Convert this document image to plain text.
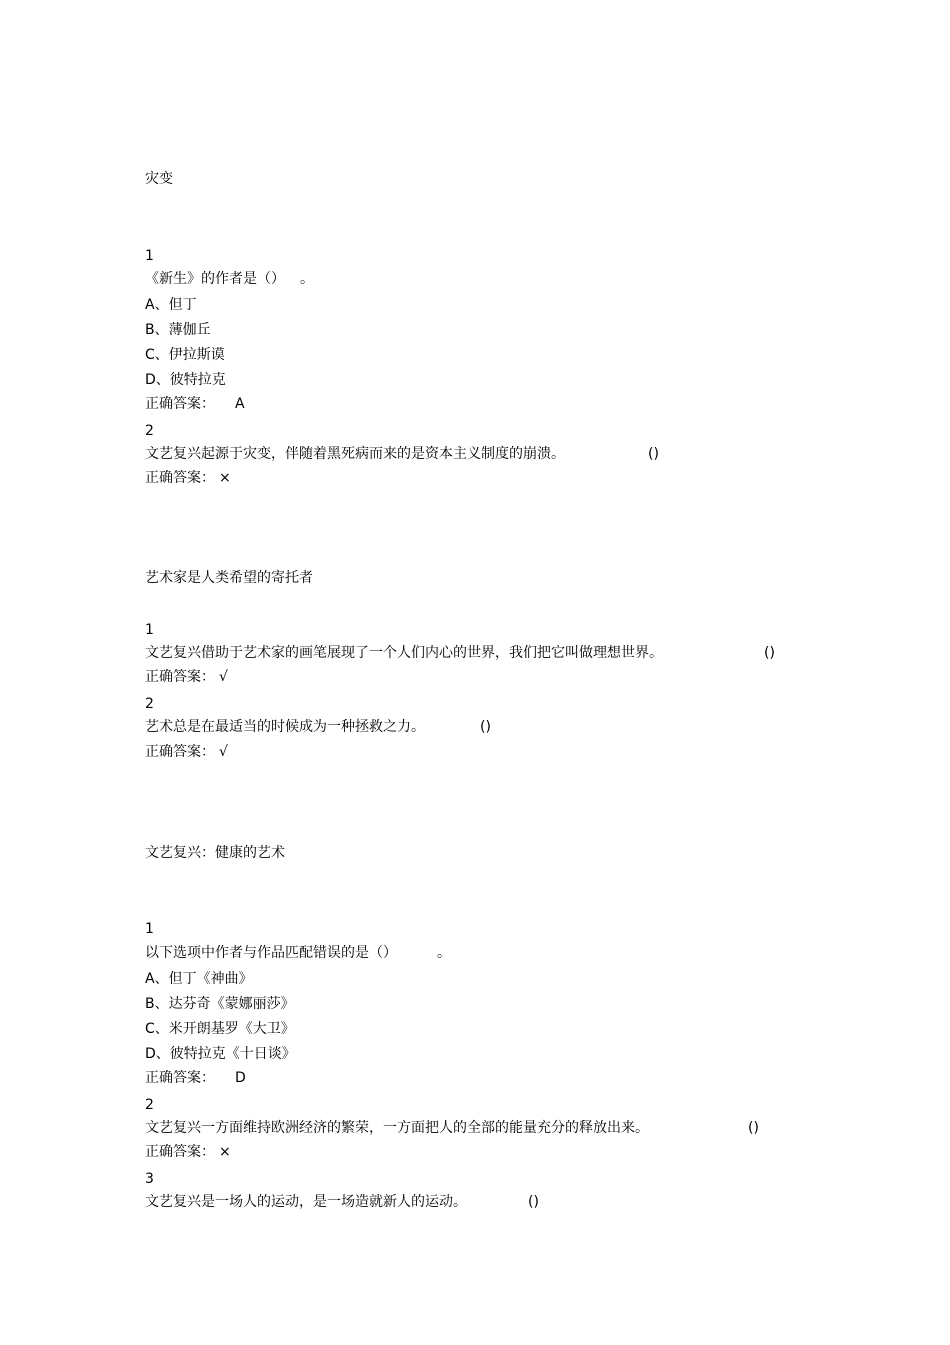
灾变
1
《新生》的作者是（） 。
A、但丁
B、薄伽丘
C、伊拉斯谟
D、彼特拉克
正确答案： A
2
文艺复兴起源于灾变，伴随着黑死病而来的是资本主义制度的崩溃。	()
正确答案： ×
艺术家是人类希望的寄托者
1
文艺复兴借助于艺术家的画笔展现了一个人们内心的世界，我们把它叫做理想世界。	()
正确答案： √
2
艺术总是在最适当的时候成为一种拯救之力。	()
正确答案： √
文艺复兴：健康的艺术
1
以下选项中作者与作品匹配错误的是（）	。
A、但丁《神曲》
B、达芬奇《蒙娜丽莎》
C、米开朗基罗《大卫》
D、彼特拉克《十日谈》
正确答案： D
2
文艺复兴一方面维持欧洲经济的繁荣，一方面把人的全部的能量充分的释放出来。	()
正确答案： ×
3
文艺复兴是一场人的运动，是一场造就新人的运动。	()
